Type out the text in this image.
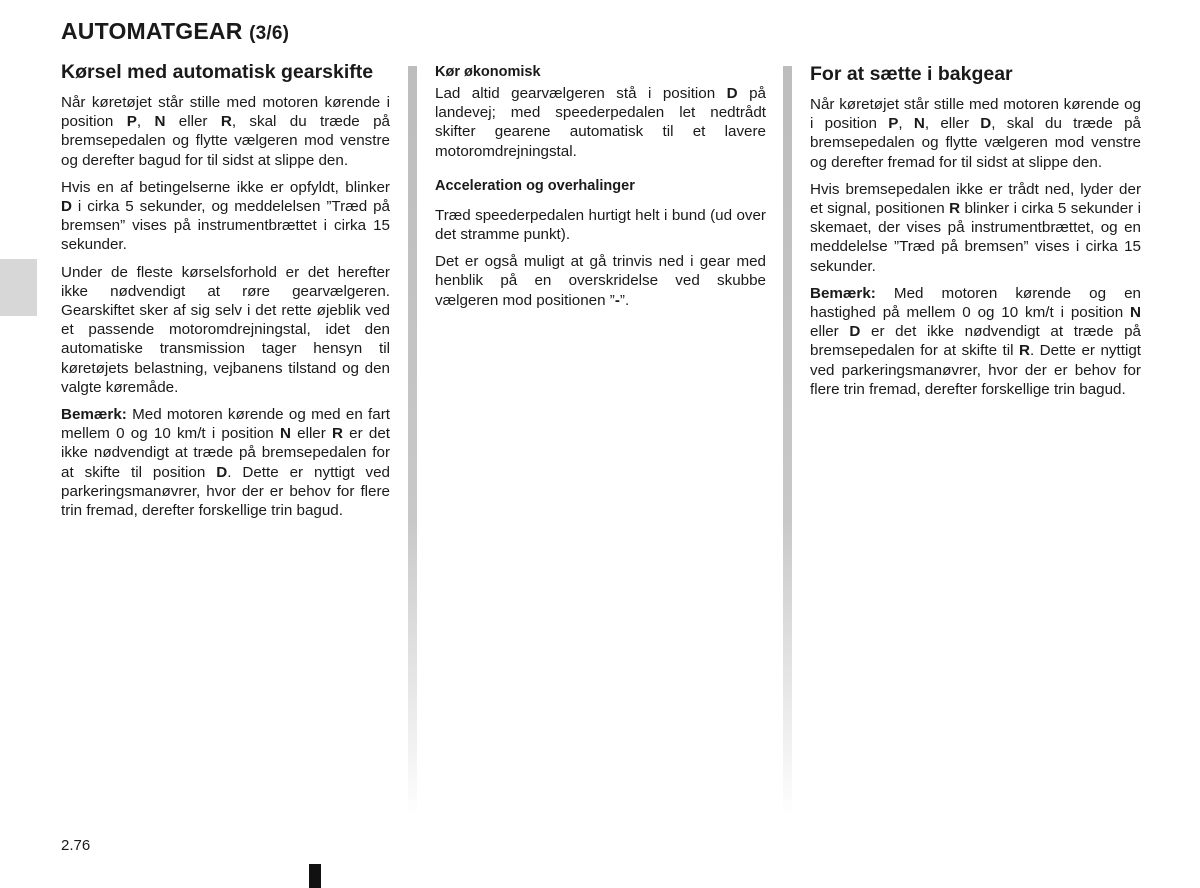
AUTOMATGEAR (3/6)
Kørsel med automatisk gearskifte

Når køretøjet står stille med motoren kørende i position P, N eller R, skal du træde på bremsepedalen og flytte vælgeren mod venstre og derefter bagud for til sidst at slippe den.

Hvis en af betingelserne ikke er opfyldt, blinker D i cirka 5 sekunder, og meddelelsen ”Træd på bremsen” vises på instrumentbrættet i cirka 15 sekunder.

Under de fleste kørselsforhold er det herefter ikke nødvendigt at røre gearvælgeren. Gearskiftet sker af sig selv i det rette øjeblik ved et passende motoromdrejningstal, idet den automatiske transmission tager hensyn til køretøjets belastning, vejbanens tilstand og den valgte køremåde.

Bemærk: Med motoren kørende og med en fart mellem 0 og 10 km/t i position N eller R er det ikke nødvendigt at træde på bremsepedalen for at skifte til position D. Dette er nyttigt ved parkeringsmanøvrer, hvor der er behov for flere trin fremad, derefter forskellige trin bagud.

Kør økonomisk

Lad altid gearvælgeren stå i position D på landevej; med speederpedalen let nedtrådt skifter gearene automatisk til et lavere motoromdrejningstal.

Acceleration og overhalinger

Træd speederpedalen hurtigt helt i bund (ud over det stramme punkt).

Det er også muligt at gå trinvis ned i gear med henblik på en overskridelse ved skubbe vælgeren mod positionen ”-”.

For at sætte i bakgear

Når køretøjet står stille med motoren kørende og i position P, N, eller D, skal du træde på bremsepedalen og flytte vælgeren mod venstre og derefter fremad for til sidst at slippe den.

Hvis bremsepedalen ikke er trådt ned, lyder der et signal, positionen R blinker i cirka 5 sekunder i skemaet, der vises på instrumentbrættet, og en meddelelse ”Træd på bremsen” vises i cirka 15 sekunder.

Bemærk: Med motoren kørende og en hastighed på mellem 0 og 10 km/t i position N eller D er det ikke nødvendigt at træde på bremsepedalen for at skifte til R. Dette er nyttigt ved parkeringsmanøvrer, hvor der er behov for flere trin fremad, derefter forskellige trin bagud.

2.76
